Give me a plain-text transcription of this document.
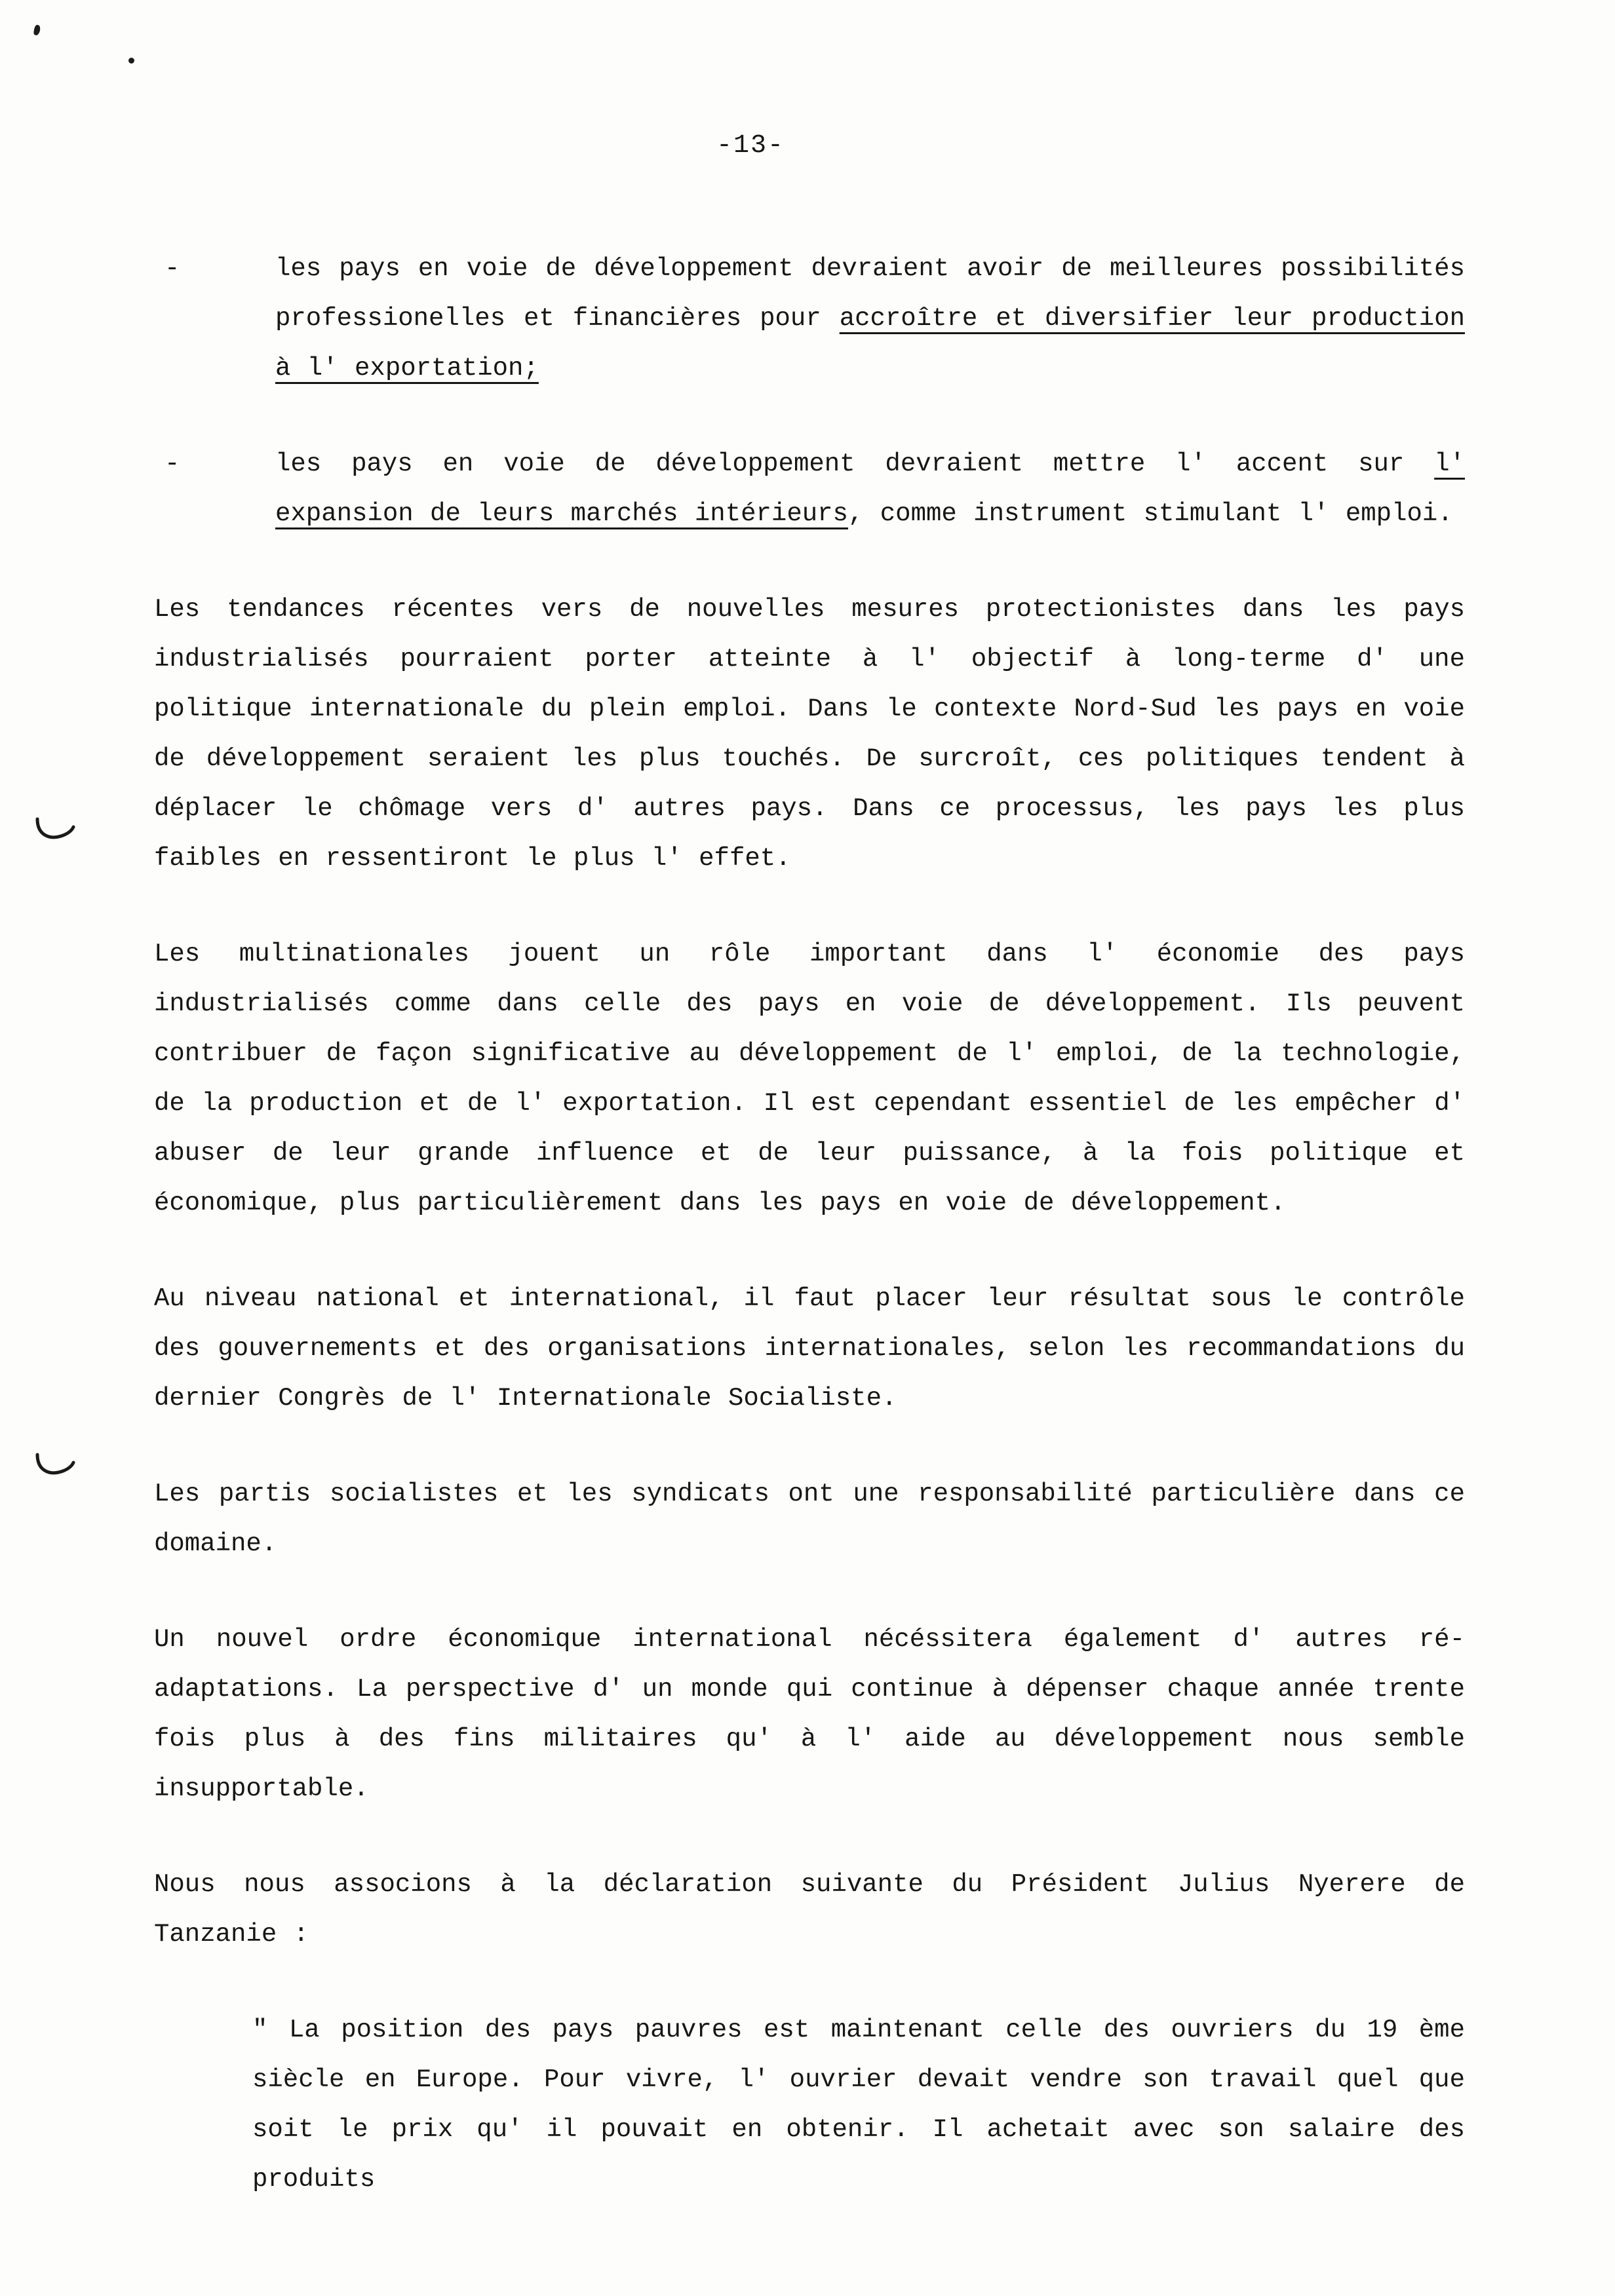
-13-
-	les pays en voie de développement devraient avoir de meilleures possibilités professionelles et financières pour accroître et diversifier leur production à l' exportation;

-	les pays en voie de développement devraient mettre l' accent sur l' expansion de leurs marchés intérieurs, comme instrument stimulant l' emploi.

Les tendances récentes vers de nouvelles mesures protectionistes dans les pays industrialisés pourraient porter atteinte à l' objectif à long-terme d' une politique internationale du plein emploi. Dans le contexte Nord-Sud les pays en voie de développement seraient les plus touchés. De surcroît, ces politiques tendent à déplacer le chômage vers d' autres pays. Dans ce processus, les pays les plus faibles en ressentiront le plus l' effet.

Les multinationales jouent un rôle important dans l' économie des pays industrialisés comme dans celle des pays en voie de développement. Ils peuvent contribuer de façon significative au développement de l' emploi, de la technologie, de la production et de l' exportation. Il est cependant essentiel de les empêcher d' abuser de leur grande influence et de leur puissance, à la fois politique et économique, plus particulièrement dans les pays en voie de développement.

Au niveau national et international, il faut placer leur résultat sous le contrôle des gouvernements et des organisations internationales, selon les recommandations du dernier Congrès de l' Internationale Socialiste.

Les partis socialistes et les syndicats ont une responsabilité particulière dans ce domaine.

Un nouvel ordre économique international nécéssitera également d' autres ré-adaptations. La perspective d' un monde qui continue à dépenser chaque année trente fois plus à des fins militaires qu' à l' aide au développement nous semble insupportable.

Nous nous associons à la déclaration suivante du Président Julius Nyerere de Tanzanie :

" La position des pays pauvres est maintenant celle des ouvriers du 19 ème siècle en Europe. Pour vivre, l' ouvrier devait vendre son travail quel que soit le prix qu' il pouvait en obtenir. Il achetait avec son salaire des produits
